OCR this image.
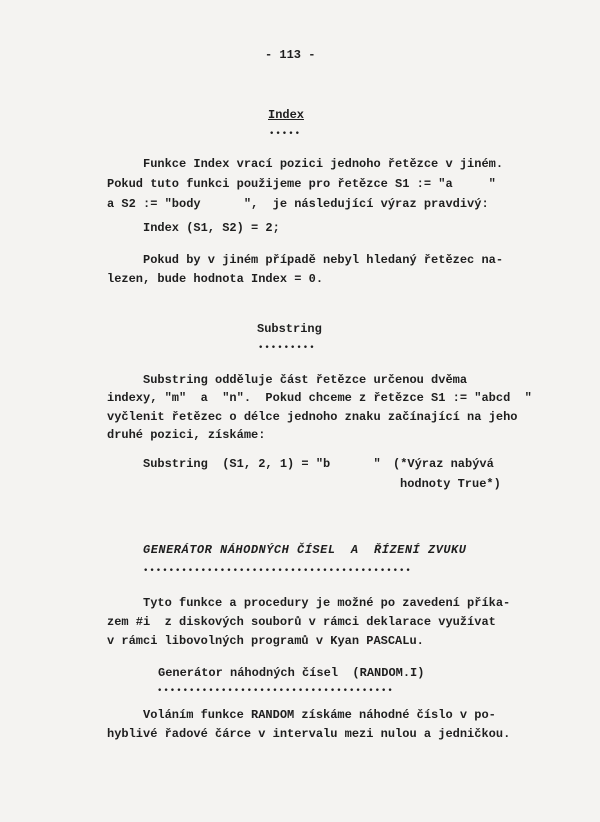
- 113 -
Index
•••••
Funkce Index vrací pozici jednoho řetězce v jiném.
Pokud tuto funkci použijeme pro řetězce S1 := "a     "
a S2 := "body      ",  je následující výraz pravdivý:
Index (S1, S2) = 2;
Pokud by v jiném případě nebyl hledaný řetězec na-
lezen, bude hodnota Index = 0.
Substring
•••••••••
Substring odděluje část řetězce určenou dvěma
indexy, "m"  a  "n".  Pokud chceme z řetězce S1 := "abcd  "
vyčlenit řetězec o délce jednoho znaku začínající na jeho
druhé pozici, získáme:
Substring  (S1, 2, 1) = "b      " (*Výraz nabývá
hodnoty True*)
GENERÁTOR NÁHODNÝCH ČÍSEL  A  ŘÍZENÍ ZVUKU
••••••••••••••••••••••••••••••••••••••••••
Tyto funkce a procedury je možné po zavedení příka-
zem #i  z diskových souborů v rámci deklarace využívat
v rámci libovolných programů v Kyan PASCALu.
Generátor náhodných čísel  (RANDOM.I)
•••••••••••••••••••••••••••••••••••••
Voláním funkce RANDOM získáme náhodné číslo v po-
hyblivé řadové čárce v intervalu mezi nulou a jedničkou.
